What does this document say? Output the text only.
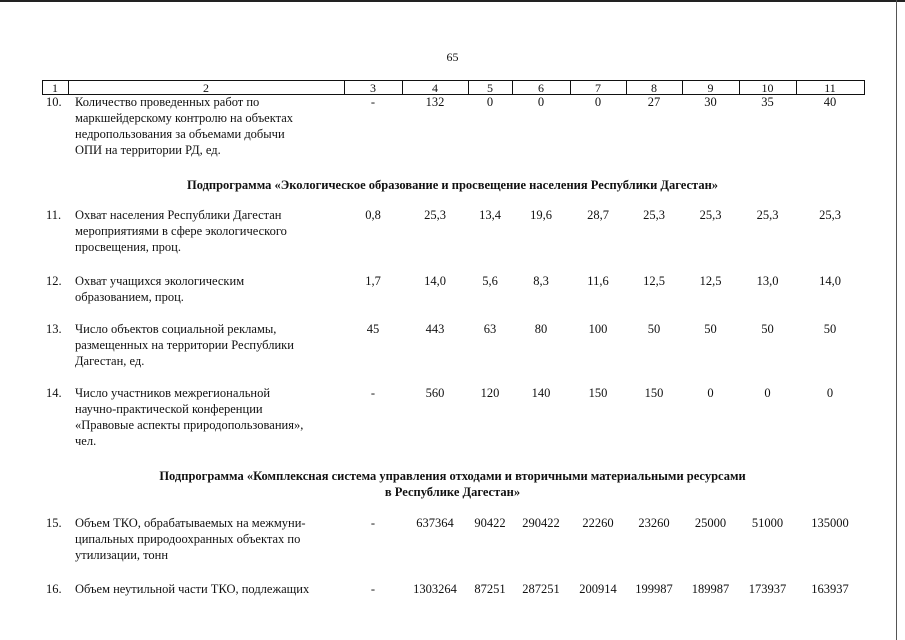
65
1	2	3	4	5	6	7	8	9	10	11
10.	Количество проведенных работ по
маркшейдерскому контролю на объектах
недропользования за объемами добычи
ОПИ на территории РД, ед.
-	132	0	0	0	27	30	35	40
Подпрограмма «Экологическое образование и просвещение населения Республики Дагестан»
11.	Охват населения Республики Дагестан
мероприятиями в сфере экологического
просвещения, проц.
0,8	25,3	13,4	19,6	28,7	25,3	25,3	25,3	25,3
12.	Охват учащихся экологическим
образованием, проц.
1,7	14,0	5,6	8,3	11,6	12,5	12,5	13,0	14,0
13.	Число объектов социальной рекламы,
размещенных на территории Республики
Дагестан, ед.
45	443	63	80	100	50	50	50	50
14.	Число участников межрегиональной
научно-практической конференции
«Правовые аспекты природопользования»,
чел.
-	560	120	140	150	150	0	0	0
Подпрограмма «Комплексная система управления отходами и вторичными материальными ресурсами
в Республике Дагестан»
15.	Объем ТКО, обрабатываемых на межмуни-
ципальных природоохранных объектах по
утилизации, тонн
-	637364	90422	290422	22260	23260	25000	51000	135000
16.	Объем неутильной части ТКО, подлежащих	-	1303264	87251	287251	200914	199987	189987	173937	163937
